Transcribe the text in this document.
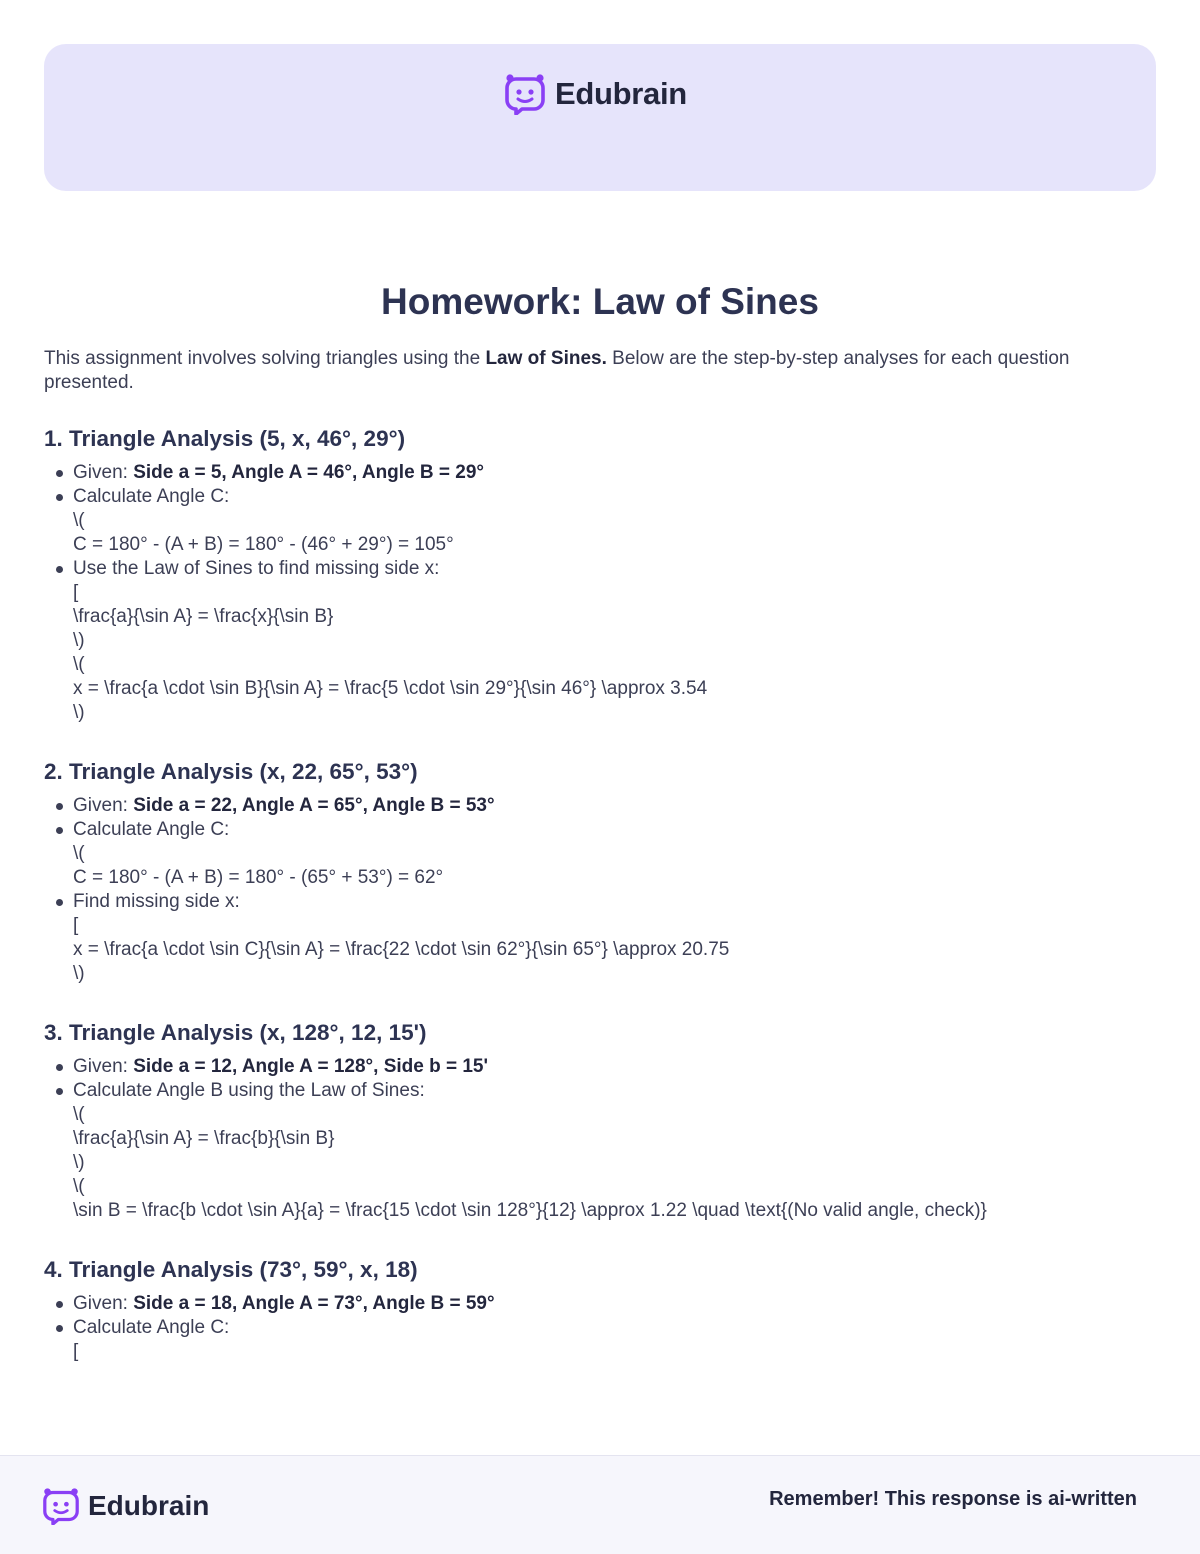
Edubrain
Homework: Law of Sines

This assignment involves solving triangles using the Law of Sines. Below are the step-by-step analyses for each question presented.

1. Triangle Analysis (5, x, 46°, 29°)
Given: Side a = 5, Angle A = 46°, Angle B = 29°
Calculate Angle C:
\(
C = 180° - (A + B) = 180° - (46° + 29°) = 105°
Use the Law of Sines to find missing side x:
[
\frac{a}{\sin A} = \frac{x}{\sin B}
\)
\(
x = \frac{a \cdot \sin B}{\sin A} = \frac{5 \cdot \sin 29°}{\sin 46°} \approx 3.54
\)
2. Triangle Analysis (x, 22, 65°, 53°)
Given: Side a = 22, Angle A = 65°, Angle B = 53°
Calculate Angle C:
\(
C = 180° - (A + B) = 180° - (65° + 53°) = 62°
Find missing side x:
[
x = \frac{a \cdot \sin C}{\sin A} = \frac{22 \cdot \sin 62°}{\sin 65°} \approx 20.75
\)
3. Triangle Analysis (x, 128°, 12, 15')
Given: Side a = 12, Angle A = 128°, Side b = 15'
Calculate Angle B using the Law of Sines:
\(
\frac{a}{\sin A} = \frac{b}{\sin B}
\)
\(
\sin B = \frac{b \cdot \sin A}{a} = \frac{15 \cdot \sin 128°}{12} \approx 1.22 \quad \text{(No valid angle, check)}
4. Triangle Analysis (73°, 59°, x, 18)
Given: Side a = 18, Angle A = 73°, Angle B = 59°
Calculate Angle C:
[
Edubrain	Remember! This response is ai-written
